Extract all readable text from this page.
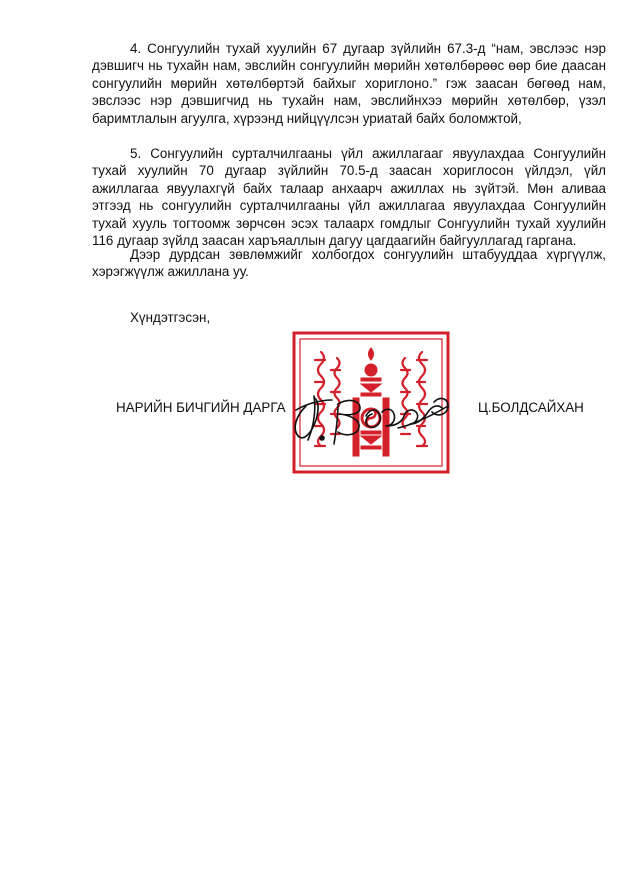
4. Сонгуулийн тухай хуулийн 67 дугаар зүйлийн 67.3-д “нам, эвслээс нэр дэвшигч нь тухайн нам, эвслийн сонгуулийн мөрийн хөтөлбөрөөс өөр бие даасан сонгуулийн мөрийн хөтөлбөртэй байхыг хориглоно.” гэж заасан бөгөөд нам, эвслээс нэр дэвшигчид нь тухайн нам, эвслийнхээ мөрийн хөтөлбөр, үзэл баримтлалын агуулга, хүрээнд нийцүүлсэн уриатай байх боломжтой,

5. Сонгуулийн сурталчилгааны үйл ажиллагааг явуулахдаа Сонгуулийн тухай хуулийн 70 дугаар зүйлийн 70.5-д заасан хориглосон үйлдэл, үйл ажиллагаа явуулахгүй байх талаар анхаарч ажиллах нь зүйтэй. Мөн аливаа этгээд нь сонгуулийн сурталчилгааны үйл ажиллагаа явуулахдаа Сонгуулийн тухай хууль тогтоомж зөрчсөн эсэх талаарх гомдлыг Сонгуулийн тухай хуулийн 116 дугаар зүйлд заасан харъяаллын дагуу цагдаагийн байгууллагад гаргана.

Дээр дурдсан зөвлөмжийг холбогдох сонгуулийн штабууддаа хүргүүлж, хэрэгжүүлж ажиллана уу.

Хүндэтгэсэн,
НАРИЙН БИЧГИЙН ДАРГА	Ц.БОЛДСАЙХАН
